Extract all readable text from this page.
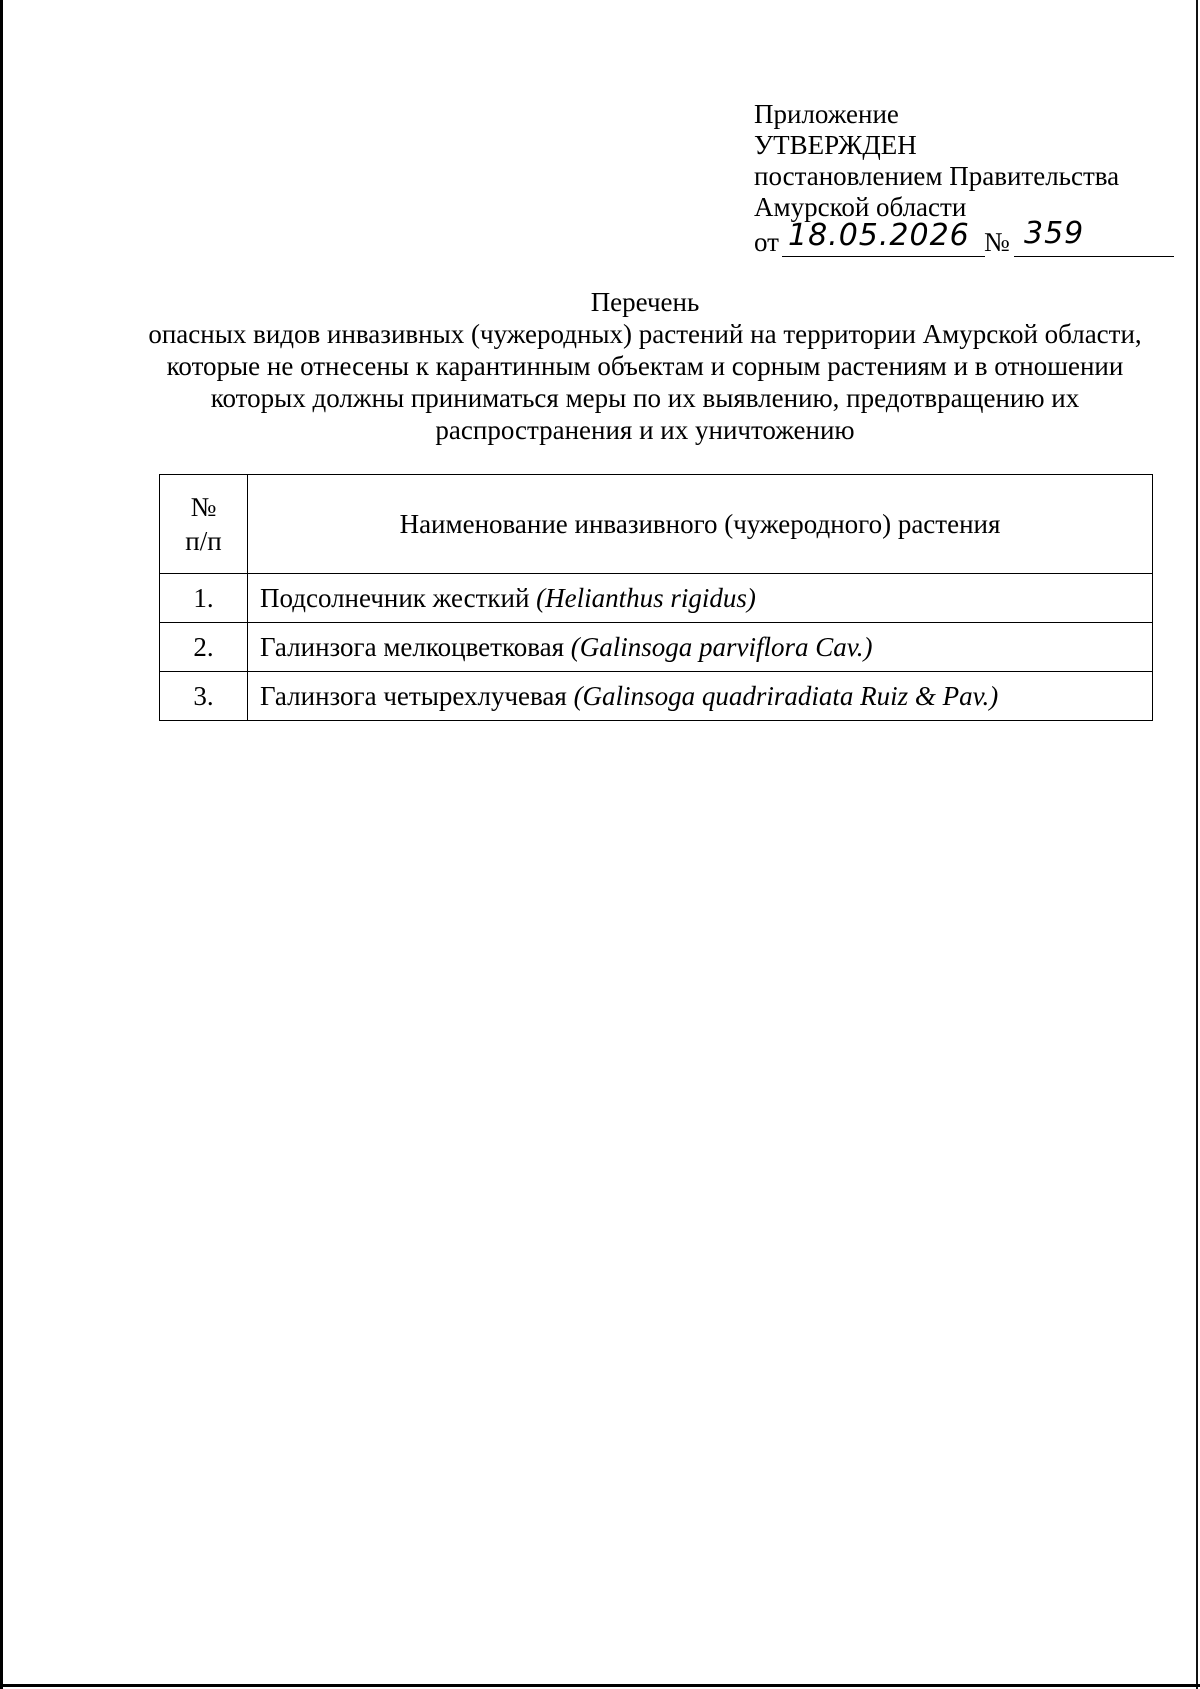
Приложение
УТВЕРЖДЕН
постановлением Правительства
Амурской области
от 18.05.2026 № 359
Перечень
опасных видов инвазивных (чужеродных) растений на территории Амурской области, которые не отнесены к карантинным объектам и сорным растениям и в отношении которых должны приниматься меры по их выявлению, предотвращению их распространения и их уничтожению
№
п/п	Наименование инвазивного (чужеродного) растения
1.	Подсолнечник жесткий (Helianthus rigidus)
2.	Галинзога мелкоцветковая (Galinsoga parviflora Cav.)
3.	Галинзога четырехлучевая (Galinsoga quadriradiata Ruiz & Pav.)
